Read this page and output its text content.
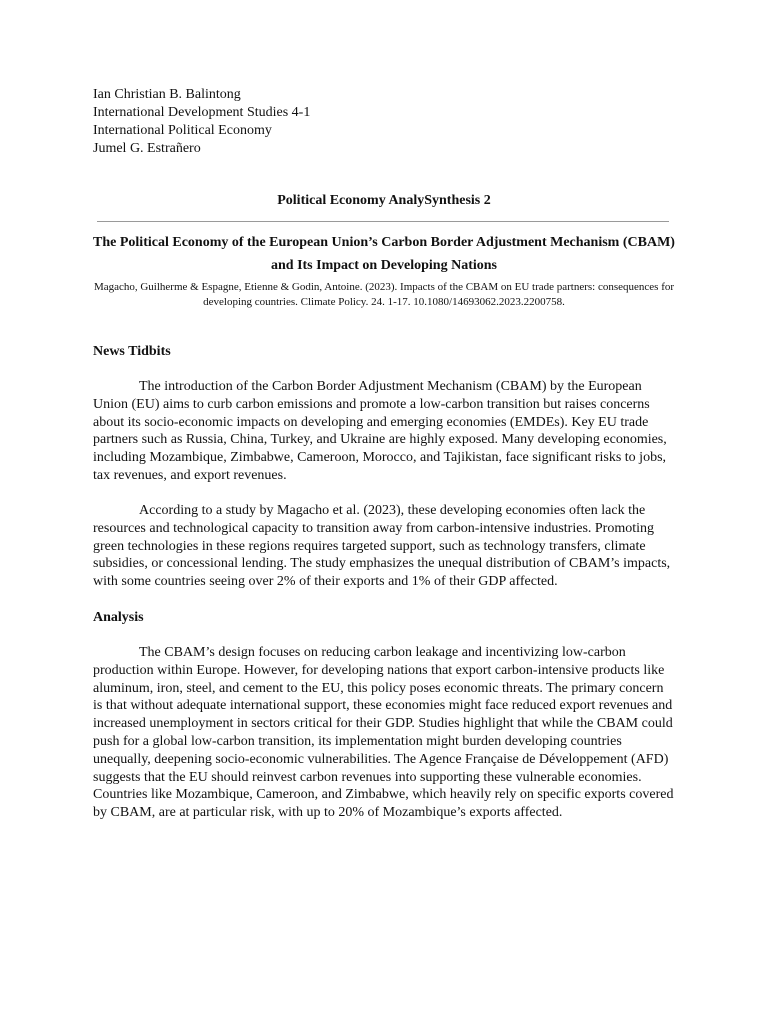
Ian Christian B. Balintong
International Development Studies 4-1
International Political Economy
Jumel G. Estrañero
Political Economy AnalySynthesis 2
The Political Economy of the European Union’s Carbon Border Adjustment Mechanism (CBAM) and Its Impact on Developing Nations
Magacho, Guilherme & Espagne, Etienne & Godin, Antoine. (2023). Impacts of the CBAM on EU trade partners: consequences for developing countries. Climate Policy. 24. 1-17. 10.1080/14693062.2023.2200758.
News Tidbits

The introduction of the Carbon Border Adjustment Mechanism (CBAM) by the European Union (EU) aims to curb carbon emissions and promote a low-carbon transition but raises concerns about its socio-economic impacts on developing and emerging economies (EMDEs). Key EU trade partners such as Russia, China, Turkey, and Ukraine are highly exposed. Many developing economies, including Mozambique, Zimbabwe, Cameroon, Morocco, and Tajikistan, face significant risks to jobs, tax revenues, and export revenues.

According to a study by Magacho et al. (2023), these developing economies often lack the resources and technological capacity to transition away from carbon-intensive industries. Promoting green technologies in these regions requires targeted support, such as technology transfers, climate subsidies, or concessional lending. The study emphasizes the unequal distribution of CBAM’s impacts, with some countries seeing over 2% of their exports and 1% of their GDP affected.

Analysis

The CBAM’s design focuses on reducing carbon leakage and incentivizing low-carbon production within Europe. However, for developing nations that export carbon-intensive products like aluminum, iron, steel, and cement to the EU, this policy poses economic threats. The primary concern is that without adequate international support, these economies might face reduced export revenues and increased unemployment in sectors critical for their GDP. Studies highlight that while the CBAM could push for a global low-carbon transition, its implementation might burden developing countries unequally, deepening socio-economic vulnerabilities. The Agence Française de Développement (AFD) suggests that the EU should reinvest carbon revenues into supporting these vulnerable economies. Countries like Mozambique, Cameroon, and Zimbabwe, which heavily rely on specific exports covered by CBAM, are at particular risk, with up to 20% of Mozambique’s exports affected.
